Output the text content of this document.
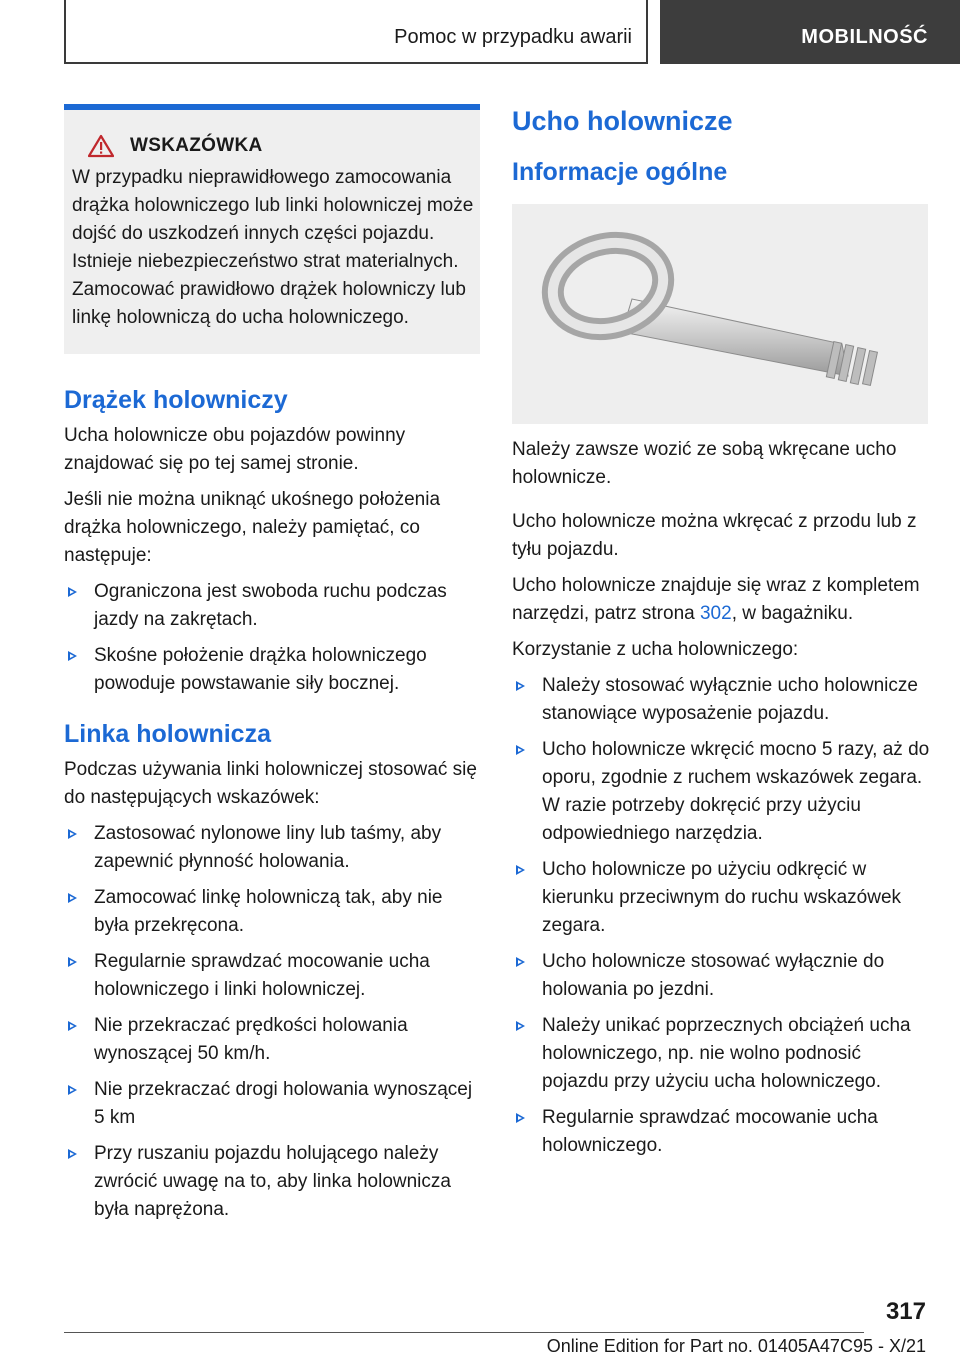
Pomoc w przypadku awarii	MOBILNOŚĆ
WSKAZÓWKA

W przypadku nieprawidłowego zamocowania drążka holowniczego lub linki holowniczej może dojść do uszkodzeń innych części pojazdu. Istnieje niebezpieczeństwo strat materialnych. Zamocować prawidłowo drążek holowniczy lub linkę holowniczą do ucha holowniczego.

Drążek holowniczy

Ucha holownicze obu pojazdów powinny znajdować się po tej samej stronie.

Jeśli nie można uniknąć ukośnego położenia drążka holowniczego, należy pamiętać, co następuje:

Ograniczona jest swoboda ruchu podczas jazdy na zakrętach.
Skośne położenie drążka holowniczego powoduje powstawanie siły bocznej.
Linka holownicza

Podczas używania linki holowniczej stosować się do następujących wskazówek:

Zastosować nylonowe liny lub taśmy, aby zapewnić płynność holowania.
Zamocować linkę holowniczą tak, aby nie była przekręcona.
Regularnie sprawdzać mocowanie ucha holowniczego i linki holowniczej.
Nie przekraczać prędkości holowania wynoszącej 50 km/h.
Nie przekraczać drogi holowania wynoszącej 5 km
Przy ruszaniu pojazdu holującego należy zwrócić uwagę na to, aby linka holownicza była naprężona.
Ucho holownicze
Informacje ogólne

Należy zawsze wozić ze sobą wkręcane ucho holownicze.

Ucho holownicze można wkręcać z przodu lub z tyłu pojazdu.

Ucho holownicze znajduje się wraz z kompletem narzędzi, patrz strona 302, w bagażniku.

Korzystanie z ucha holowniczego:

Należy stosować wyłącznie ucho holownicze stanowiące wyposażenie pojazdu.
Ucho holownicze wkręcić mocno 5 razy, aż do oporu, zgodnie z ruchem wskazówek zegara. W razie potrzeby dokręcić przy użyciu odpowiedniego narzędzia.
Ucho holownicze po użyciu odkręcić w kierunku przeciwnym do ruchu wskazówek zegara.
Ucho holownicze stosować wyłącznie do holowania po jezdni.
Należy unikać poprzecznych obciążeń ucha holowniczego, np. nie wolno podnosić pojazdu przy użyciu ucha holowniczego.
Regularnie sprawdzać mocowanie ucha holowniczego.
317
Online Edition for Part no. 01405A47C95 - X/21
